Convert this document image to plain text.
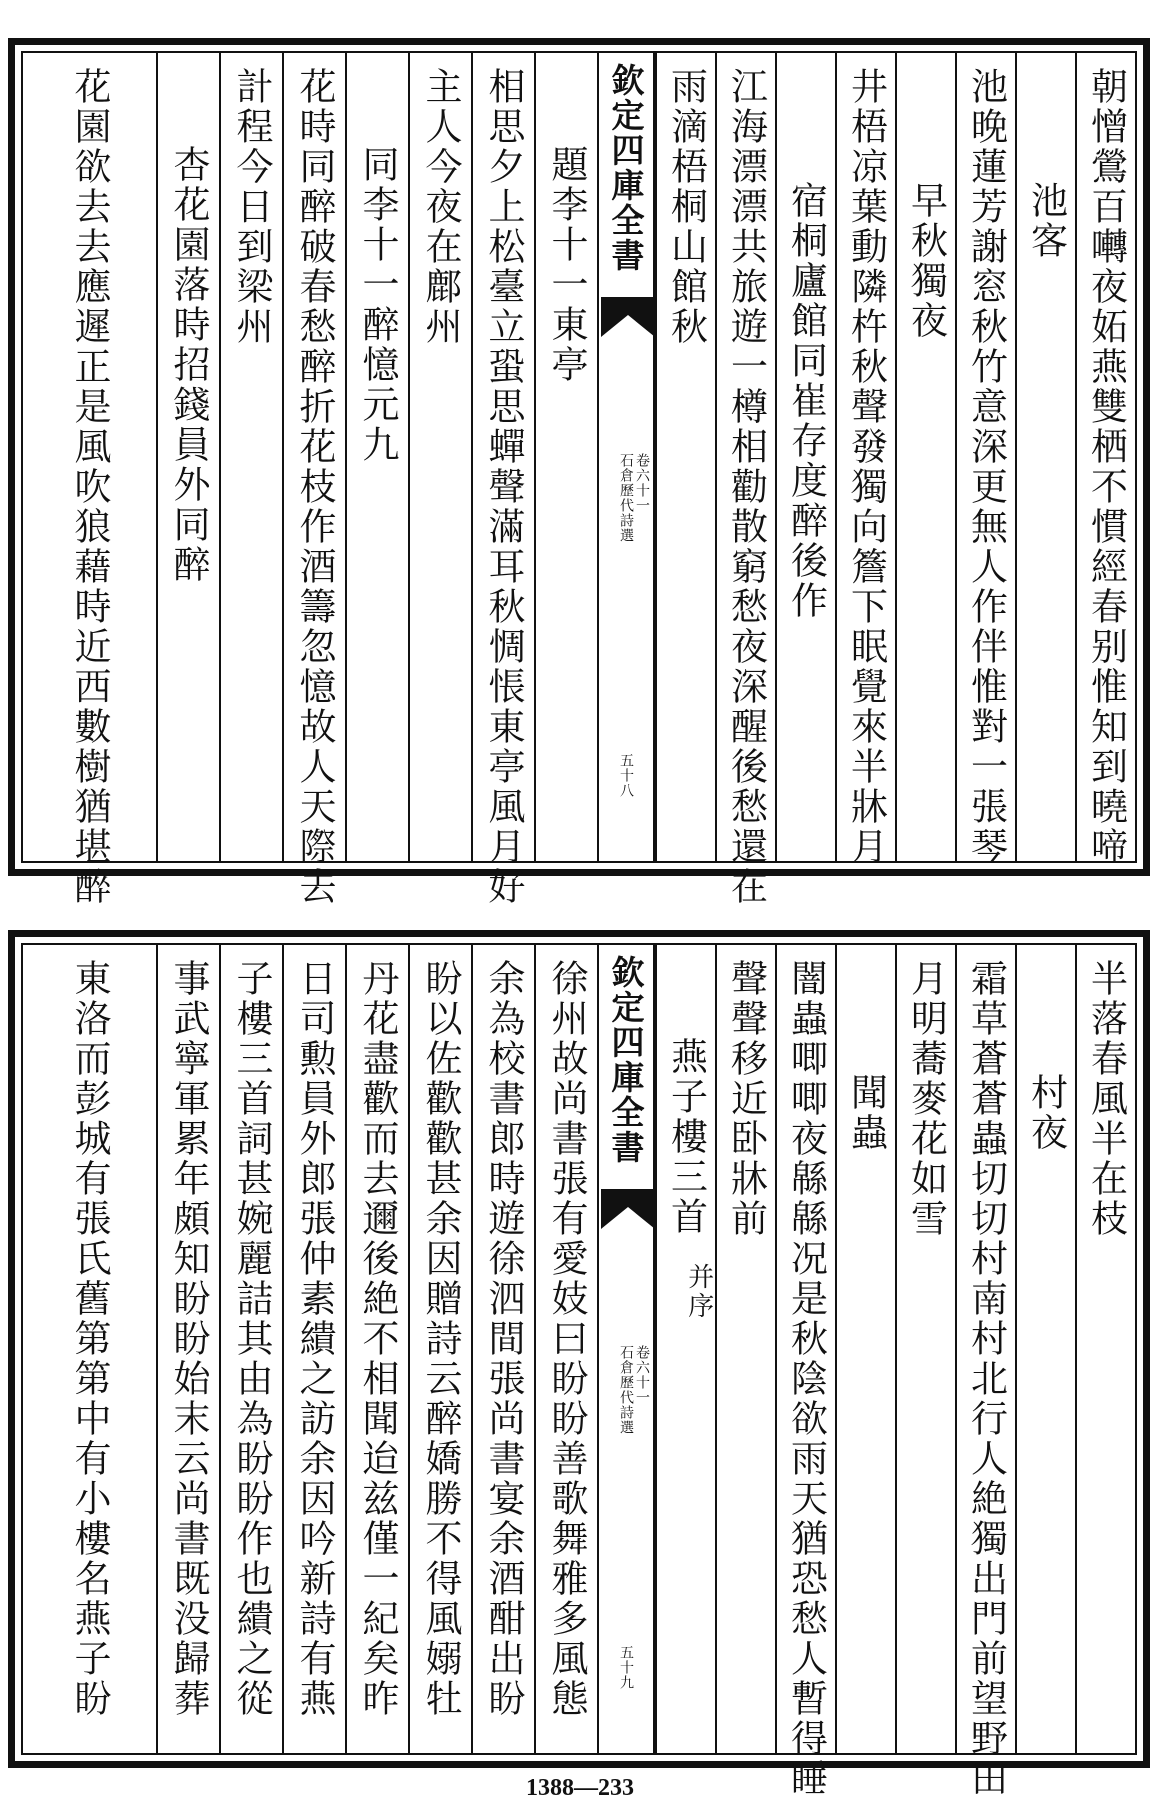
朝憎鶯百囀夜妬燕雙栖不慣經春别惟知到曉啼
池客
池晚蓮芳謝窓秋竹意深更無人作伴惟對一張琴
早秋獨夜
井梧凉葉動隣杵秋聲發獨向簷下眠覺來半牀月
宿桐廬館同崔存度醉後作
江海漂漂共旅遊一樽相勸散窮愁夜深醒後愁還在
雨滴梧桐山館秋
欽定四庫全書
石倉歷代詩選 卷六十一
五十八
題李十一東亭
相思夕上松臺立蛩思蟬聲滿耳秋惆悵東亭風月好
主人今夜在鄜州
同李十一醉憶元九
花時同醉破春愁醉折花枝作酒籌忽憶故人天際去
計程今日到梁州
杏花園落時招錢員外同醉
花園欲去去應遲正是風吹狼藉時近西數樹猶堪醉
半落春風半在枝
村夜
霜草蒼蒼蟲切切村南村北行人絶獨出門前望野田
月明蕎麥花如雪
聞蟲
闇蟲唧唧夜緜緜况是秋陰欲雨天猶恐愁人暫得睡
聲聲移近卧牀前
燕子樓三首
并序
欽定四庫全書
石倉歷代詩選 卷六十一
五十九
徐州故尚書張有愛妓曰盼盼善歌舞雅多風態
余為校書郎時遊徐泗間張尚書宴余酒酣出盼
盼以佐歡歡甚余因贈詩云醉嬌勝不得風嫋牡
丹花盡歡而去邇後絶不相聞迨兹僅一紀矣昨
日司勲員外郎張仲素繢之訪余因吟新詩有燕
子樓三首詞甚婉麗詰其由為盼盼作也繢之從
事武寧軍累年頗知盼盼始末云尚書既没歸葬
東洛而彭城有張氏舊第第中有小樓名燕子盼
1388—233
